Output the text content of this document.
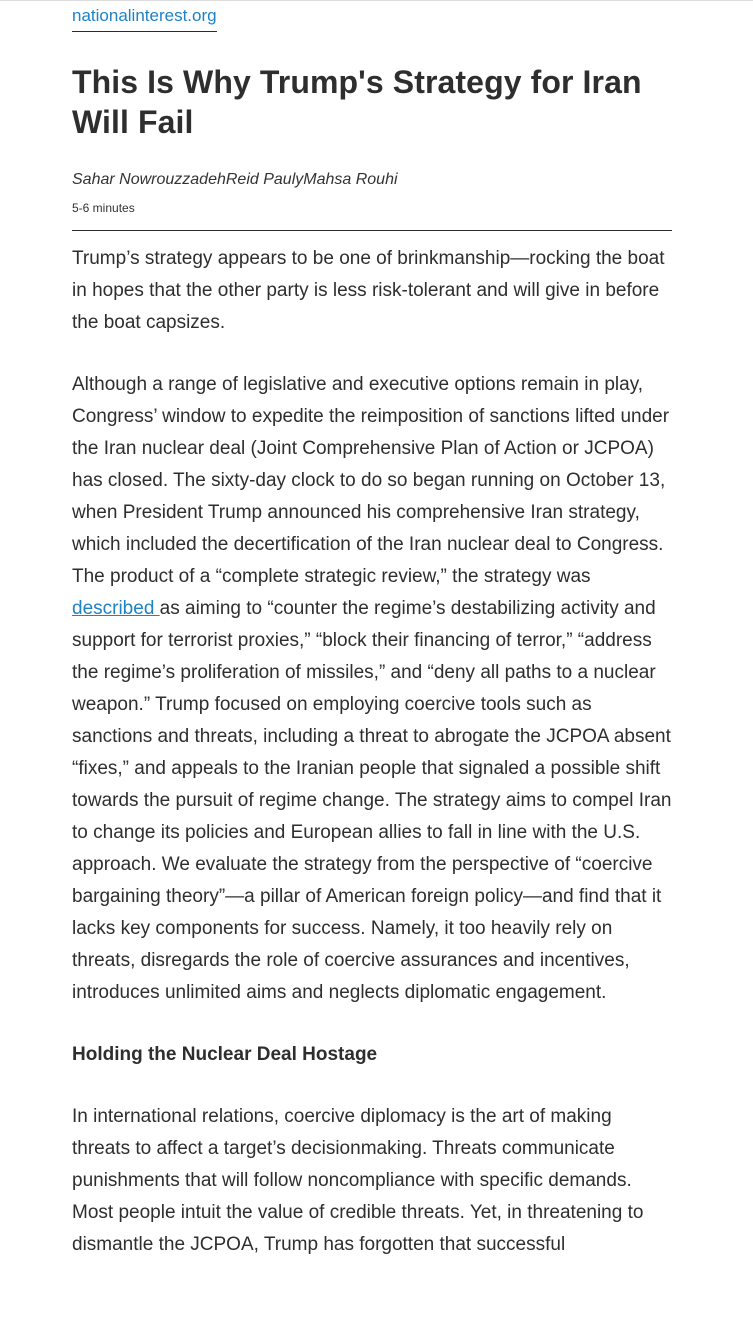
nationalinterest.org
This Is Why Trump's Strategy for Iran Will Fail
Sahar NowrouzzadehReid PaulyMahsa Rouhi
5-6 minutes

Trump’s strategy appears to be one of brinkmanship—rocking the boat in hopes that the other party is less risk-tolerant and will give in before the boat capsizes.

Although a range of legislative and executive options remain in play, Congress’ window to expedite the reimposition of sanctions lifted under the Iran nuclear deal (Joint Comprehensive Plan of Action or JCPOA) has closed. The sixty-day clock to do so began running on October 13, when President Trump announced his comprehensive Iran strategy, which included the decertification of the Iran nuclear deal to Congress. The product of a “complete strategic review,” the strategy was described as aiming to “counter the regime’s destabilizing activity and support for terrorist proxies,” “block their financing of terror,” “address the regime’s proliferation of missiles,” and “deny all paths to a nuclear weapon.” Trump focused on employing coercive tools such as sanctions and threats, including a threat to abrogate the JCPOA absent “fixes,” and appeals to the Iranian people that signaled a possible shift towards the pursuit of regime change. The strategy aims to compel Iran to change its policies and European allies to fall in line with the U.S. approach. We evaluate the strategy from the perspective of “coercive bargaining theory”—a pillar of American foreign policy—and find that it lacks key components for success. Namely, it too heavily rely on threats, disregards the role of coercive assurances and incentives, introduces unlimited aims and neglects diplomatic engagement.

Holding the Nuclear Deal Hostage

In international relations, coercive diplomacy is the art of making threats to affect a target’s decisionmaking. Threats communicate punishments that will follow noncompliance with specific demands. Most people intuit the value of credible threats. Yet, in threatening to dismantle the JCPOA, Trump has forgotten that successful
